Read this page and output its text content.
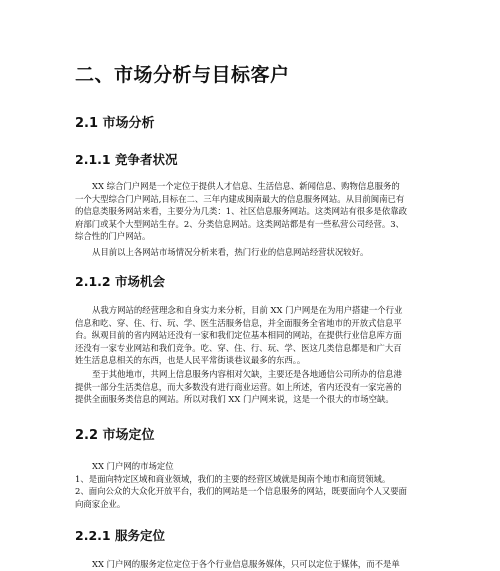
二、市场分析与目标客户
2.1 市场分析
2.1.1 竞争者状况
XX 综合门户网是一个定位于提供人才信息、生活信息、新闻信息、购物信息服务的
一个大型综合门户网站,目标在二、三年内建成闽南最大的信息服务网站。从目前闽南已有
的信息类服务网站来看，主要分为几类：1、社区信息服务网站。这类网站有很多是依靠政
府部门或某个大型网站生存。2、分类信息网站。这类网站都是有一些私营公司经营。3、
综合性的门户网站。
从目前以上各网站市场情况分析来看，热门行业的信息网站经营状况较好。
2.1.2 市场机会
从我方网站的经营理念和自身实力来分析，目前 XX 门户网是在为用户搭建一个行业
信息和吃、穿、住、行、玩、学、医生活服务信息，并全面服务全省地市的开放式信息平
台。纵观目前的省内网站还没有一家和我们定位基本相同的网站，在提供行业信息库方面
还没有一家专业网站和我们竞争。吃、穿、住、行、玩、学、医这几类信息都是和广大百
姓生活息息相关的东西，也是人民平常街谈巷议最多的东西。。
至于其他地市，共网上信息服务内容相对欠缺，主要还是各地通信公司所办的信息港
提供一部分生活类信息，而大多数没有进行商业运营。如上所述，省内还没有一家完善的
提供全面服务类信息的网站。所以对我们 XX 门户网来说，这是一个很大的市场空缺。
2.2 市场定位
XX 门户网的市场定位
1、是面向特定区域和商业领域，我们的主要的经营区域就是闽南个地市和商贸领域。
2、面向公众的大众化开放平台，我们的网站是一个信息服务的网站，既要面向个人又要面
向商家企业。
2.2.1 服务定位
XX 门户网的服务定位定位于各个行业信息服务媒体，只可以定位于媒体，而不是单
